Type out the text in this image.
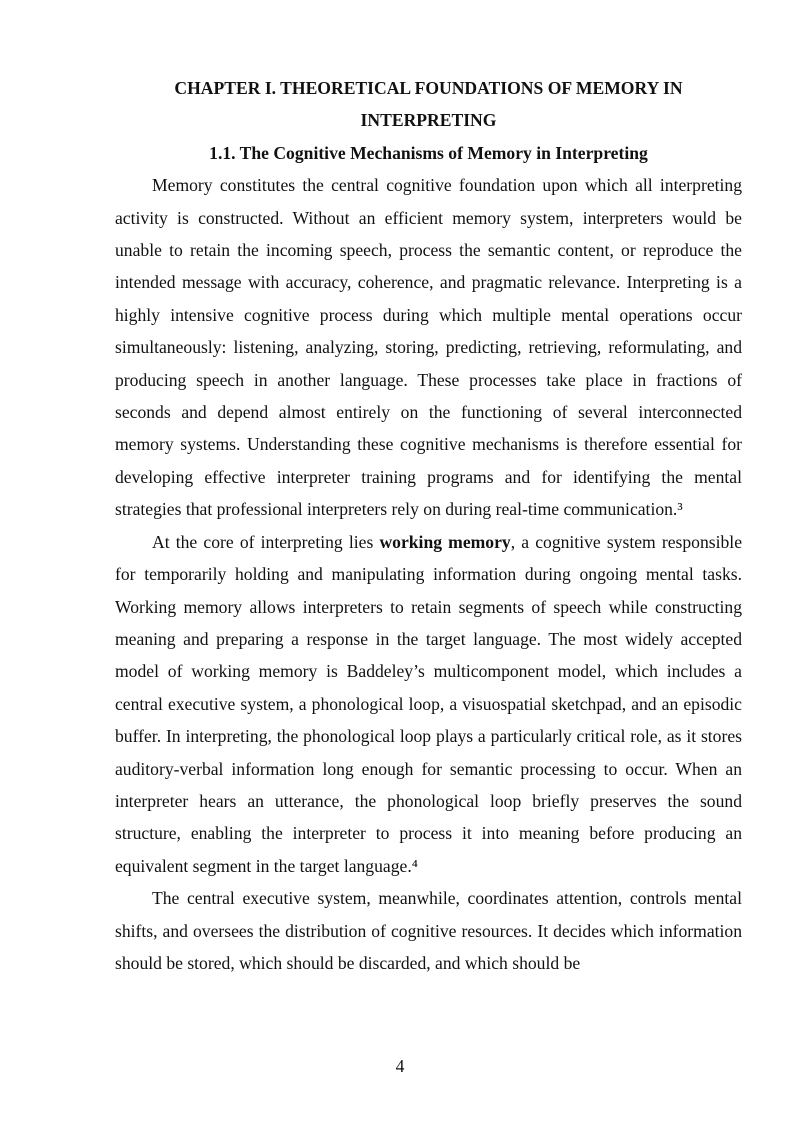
CHAPTER I. THEORETICAL FOUNDATIONS OF MEMORY IN
INTERPRETING

1.1. The Cognitive Mechanisms of Memory in Interpreting

Memory constitutes the central cognitive foundation upon which all interpreting activity is constructed. Without an efficient memory system, interpreters would be unable to retain the incoming speech, process the semantic content, or reproduce the intended message with accuracy, coherence, and pragmatic relevance. Interpreting is a highly intensive cognitive process during which multiple mental operations occur simultaneously: listening, analyzing, storing, predicting, retrieving, reformulating, and producing speech in another language. These processes take place in fractions of seconds and depend almost entirely on the functioning of several interconnected memory systems. Understanding these cognitive mechanisms is therefore essential for developing effective interpreter training programs and for identifying the mental strategies that professional interpreters rely on during real-time communication.³

At the core of interpreting lies working memory, a cognitive system responsible for temporarily holding and manipulating information during ongoing mental tasks. Working memory allows interpreters to retain segments of speech while constructing meaning and preparing a response in the target language. The most widely accepted model of working memory is Baddeley’s multicomponent model, which includes a central executive system, a phonological loop, a visuospatial sketchpad, and an episodic buffer. In interpreting, the phonological loop plays a particularly critical role, as it stores auditory-verbal information long enough for semantic processing to occur. When an interpreter hears an utterance, the phonological loop briefly preserves the sound structure, enabling the interpreter to process it into meaning before producing an equivalent segment in the target language.⁴

The central executive system, meanwhile, coordinates attention, controls mental shifts, and oversees the distribution of cognitive resources. It decides which information should be stored, which should be discarded, and which should be

4
